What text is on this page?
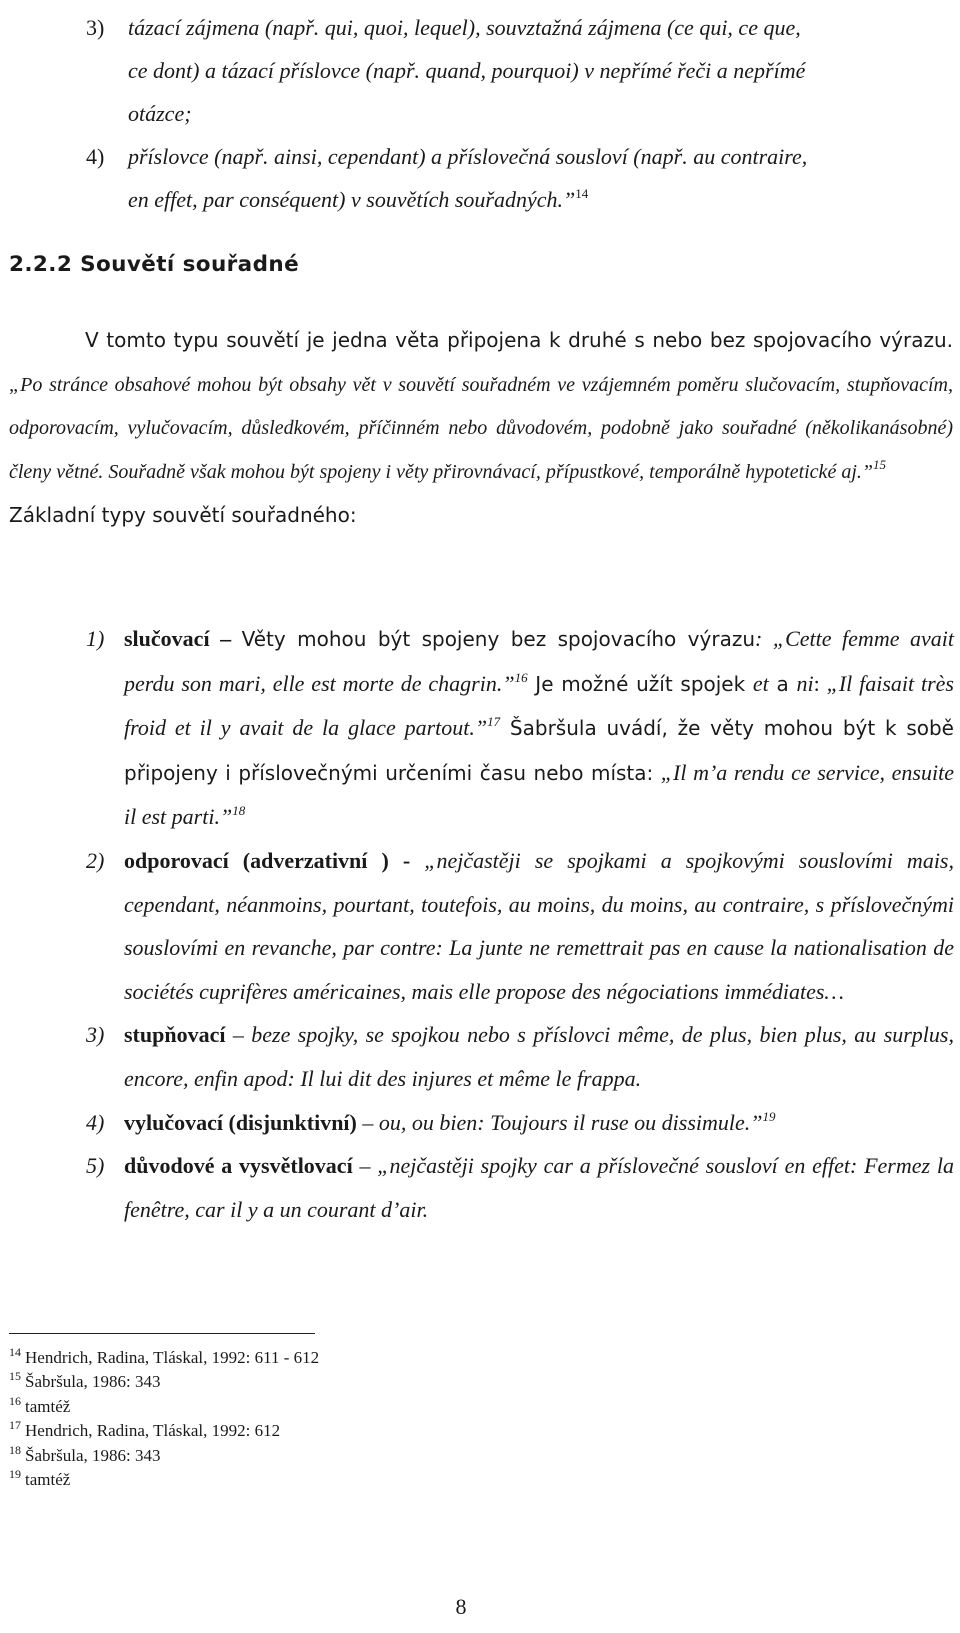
3) tázací zájmena (např. qui, quoi, lequel), souvztažná zájmena (ce qui, ce que,
ce dont) a tázací příslovce (např. quand, pourquoi) v nepřímé řeči a nepřímé
otázce;
4) příslovce (např. ainsi, cependant) a příslovečná sousloví (např. au contraire,
en effet, par conséquent) v souvětích souřadných.”$^{14}$
2.2.2 Souvětí souřadné
V tomto typu souvětí je jedna věta připojena k druhé s nebo bez spojovacího výrazu. „Po stránce obsahové mohou být obsahy vět v souvětí souřadném ve vzájemném poměru slučovacím, stupňovacím, odporovacím, vylučovacím, důsledkovém, příčinném nebo důvodovém, podobně jako souřadné (několikanásobné) členy větné. Souřadně však mohou být spojeny i věty přirovnávací, přípustkové, temporálně hypotetické aj.”$^{15}$
Základní typy souvětí souřadného:
1) slučovací – Věty mohou být spojeny bez spojovacího výrazu: „Cette femme avait perdu son mari, elle est morte de chagrin.”$^{16}$ Je možné užít spojek et a ni: „Il faisait très froid et il y avait de la glace partout.”$^{17}$ Šabršula uvádí, že věty mohou být k sobě připojeny i příslovečnými určeními času nebo místa: „Il m’a rendu ce service, ensuite il est parti.”$^{18}$
2) odporovací (adverzativní ) - „nejčastěji se spojkami a spojkovými souslovími mais, cependant, néanmoins, pourtant, toutefois, au moins, du moins, au contraire, s příslovečnými souslovími en revanche, par contre: La junte ne remettrait pas en cause la nationalisation de sociétés cuprifères américaines, mais elle propose des négociations immédiates…
3) stupňovací – beze spojky, se spojkou nebo s příslovci même, de plus, bien plus, au surplus, encore, enfin apod: Il lui dit des injures et même le frappa.
4) vylučovací (disjunktivní) – ou, ou bien: Toujours il ruse ou dissimule.”$^{19}$
5) důvodové a vysvětlovací – „nejčastěji spojky car a příslovečné sousloví en effet: Fermez la fenêtre, car il y a un courant d’air.
$^{14}$ Hendrich, Radina, Tláskal, 1992: 611 - 612
$^{15}$ Šabršula, 1986: 343
$^{16}$ tamtéž
$^{17}$ Hendrich, Radina, Tláskal, 1992: 612
$^{18}$ Šabršula, 1986: 343
$^{19}$ tamtéž
8
